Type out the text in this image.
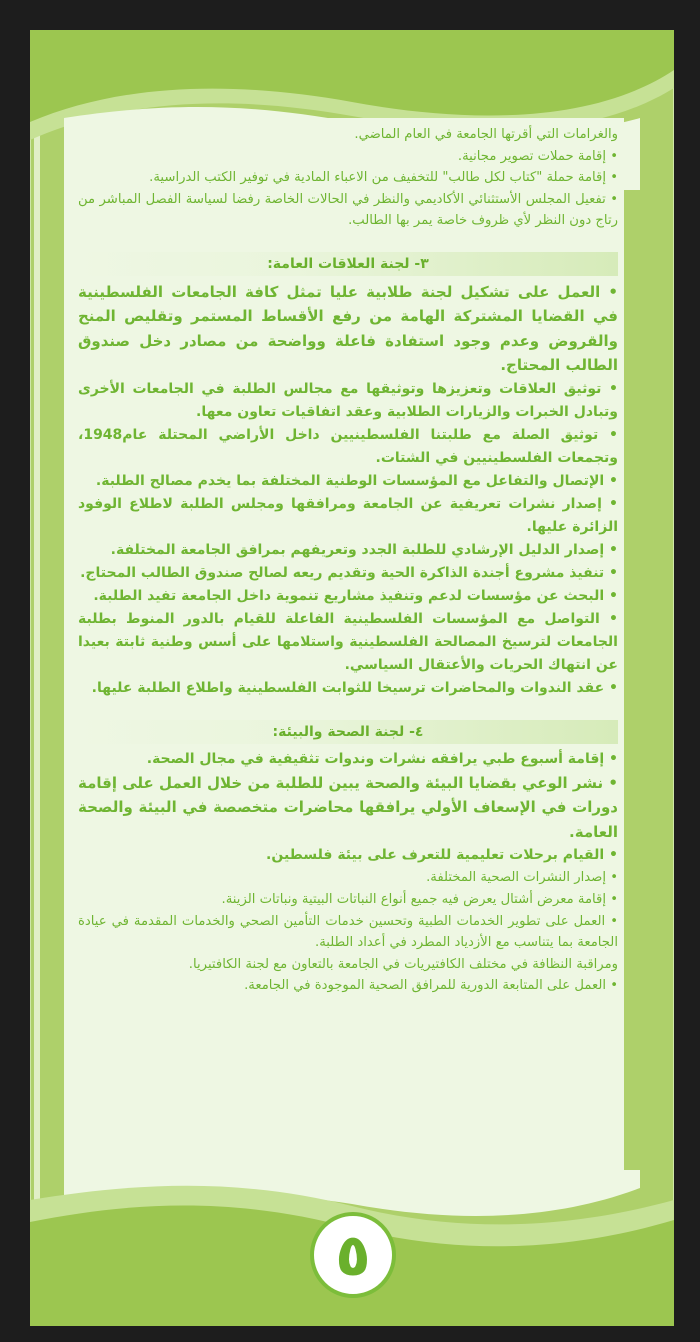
والغرامات التي أقرتها الجامعة في العام الماضي.

• إقامة حملات تصوير مجانية.

• إقامة حملة "كتاب لكل طالب" للتخفيف من الاعباء المادية في توفير الكتب الدراسية.

• تفعيل المجلس الأستثنائي الأكاديمي والنظر في الحالات الخاصة رفضا لسياسة الفصل المباشر من رتاج دون النظر لأي ظروف خاصة يمر بها الطالب.

٣- لجنة العلاقات العامة:

• العمل على تشكيل لجنة طلابية عليا تمثل كافة الجامعات الفلسطينية في القضايا المشتركة الهامة من رفع الأقساط المستمر وتقليص المنح والقروض وعدم وجود استفادة فاعلة وواضحة من مصادر دخل صندوق الطالب المحتاج.

• توثيق العلاقات وتعزيزها وتوثيقها مع مجالس الطلبة في الجامعات الأخرى وتبادل الخبرات والزيارات الطلابية وعقد اتفاقيات تعاون معها.

• توثيق الصلة مع طلبتنا الفلسطينيين داخل الأراضي المحتلة عام1948، وتجمعات الفلسطينيين في الشتات.

• الإتصال والتفاعل مع المؤسسات الوطنية المختلفة بما يخدم مصالح الطلبة.

• إصدار نشرات تعريفية عن الجامعة ومرافقها ومجلس الطلبة لاطلاع الوفود الزائرة عليها.

• إصدار الدليل الإرشادي للطلبة الجدد وتعريفهم بمرافق الجامعة المختلفة.

• تنفيذ مشروع أجندة الذاكرة الحية وتقديم ريعه لصالح صندوق الطالب المحتاج.

• البحث عن مؤسسات لدعم وتنفيذ مشاريع تنموية داخل الجامعة تفيد الطلبة.

• التواصل مع المؤسسات الفلسطينية الفاعلة للقيام بالدور المنوط بطلبة الجامعات لترسيخ المصالحة الفلسطينية واستلامها على أسس وطنية ثابتة بعيدا عن انتهاك الحريات والأعتقال السياسي.

• عقد الندوات والمحاضرات ترسيخا للثوابت الفلسطينية واطلاع الطلبة عليها.

٤- لجنة الصحة والبيئة:

• إقامة أسبوع طبي يرافقه نشرات وندوات تثقيفية في مجال الصحة.

• نشر الوعي بقضايا البيئة والصحة يبين للطلبة من خلال العمل على إقامة دورات في الإسعاف الأولي يرافقها محاضرات متخصصة في البيئة والصحة العامة.

• القيام برحلات تعليمية للتعرف على بيئة فلسطين.

• إصدار النشرات الصحية المختلفة.

• إقامة معرض أشتال يعرض فيه جميع أنواع النباتات البيتية ونباتات الزينة.

• العمل على تطوير الخدمات الطبية وتحسين خدمات التأمين الصحي والخدمات المقدمة في عيادة الجامعة بما يتناسب مع الأزدياد المطرد في أعداد الطلبة.

ومراقبة النظافة في مختلف الكافتيريات في الجامعة بالتعاون مع لجنة الكافتيريا.

• العمل على المتابعة الدورية للمرافق الصحية الموجودة في الجامعة.

٥
